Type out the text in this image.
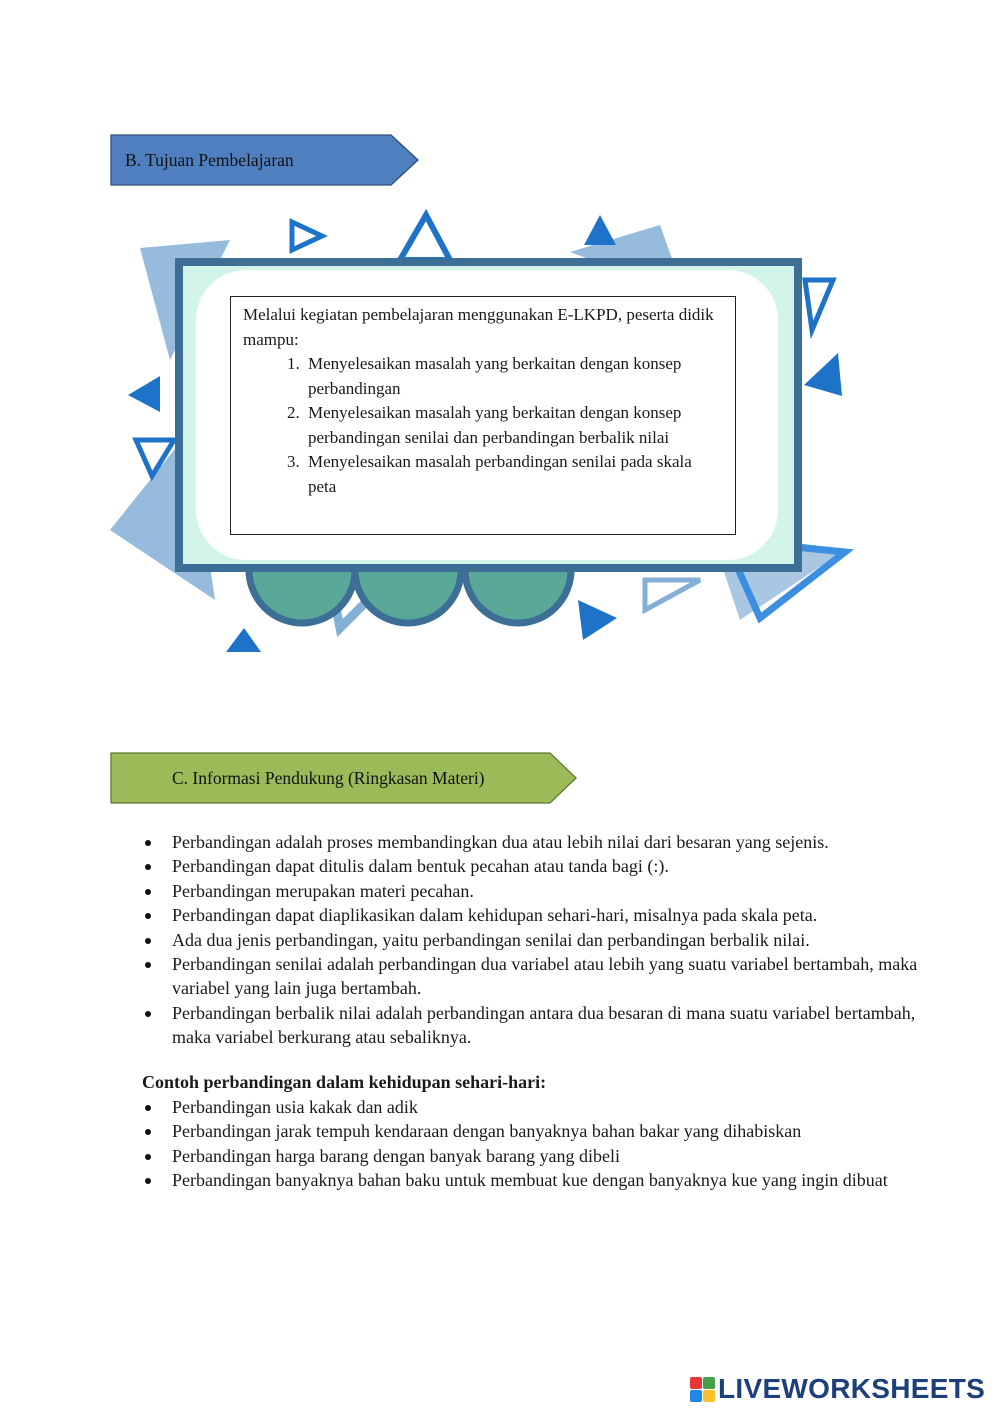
B. Tujuan Pembelajaran
Melalui kegiatan pembelajaran menggunakan E-LKPD, peserta didik mampu:
1. Menyelesaikan masalah yang berkaitan dengan konsep perbandingan
2. Menyelesaikan masalah yang berkaitan dengan konsep perbandingan senilai dan perbandingan berbalik nilai
3. Menyelesaikan masalah perbandingan senilai pada skala peta
C. Informasi Pendukung (Ringkasan Materi)
Perbandingan adalah proses membandingkan dua atau lebih nilai dari besaran yang sejenis.
Perbandingan dapat ditulis dalam bentuk pecahan atau tanda bagi (:).
Perbandingan merupakan materi pecahan.
Perbandingan dapat diaplikasikan dalam kehidupan sehari-hari, misalnya pada skala peta.
Ada dua jenis perbandingan, yaitu perbandingan senilai dan perbandingan berbalik nilai.
Perbandingan senilai adalah perbandingan dua variabel atau lebih yang suatu variabel bertambah, maka variabel yang lain juga bertambah.
Perbandingan berbalik nilai adalah perbandingan antara dua besaran di mana suatu variabel bertambah, maka variabel berkurang atau sebaliknya.

Contoh perbandingan dalam kehidupan sehari-hari:

Perbandingan usia kakak dan adik
Perbandingan jarak tempuh kendaraan dengan banyaknya bahan bakar yang dihabiskan
Perbandingan harga barang dengan banyak barang yang dibeli
Perbandingan banyaknya bahan baku untuk membuat kue dengan banyaknya kue yang ingin dibuat
LIVEWORKSHEETS
